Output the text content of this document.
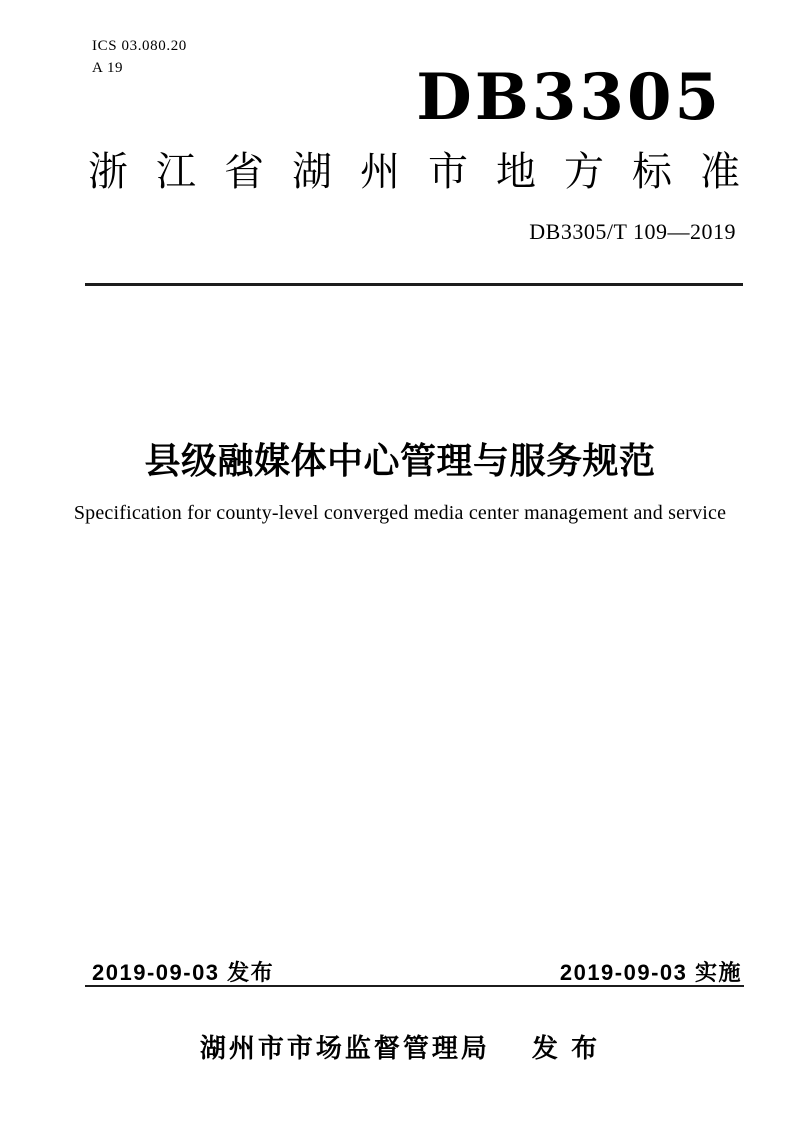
ICS 03.080.20
A 19	DB3305
浙江省湖州市地方标准
DB3305/T 109—2019
县级融媒体中心管理与服务规范
Specification for county-level converged media center management and service
2019-09-03 发布	2019-09-03 实施
湖州市市场监督管理局 发 布
